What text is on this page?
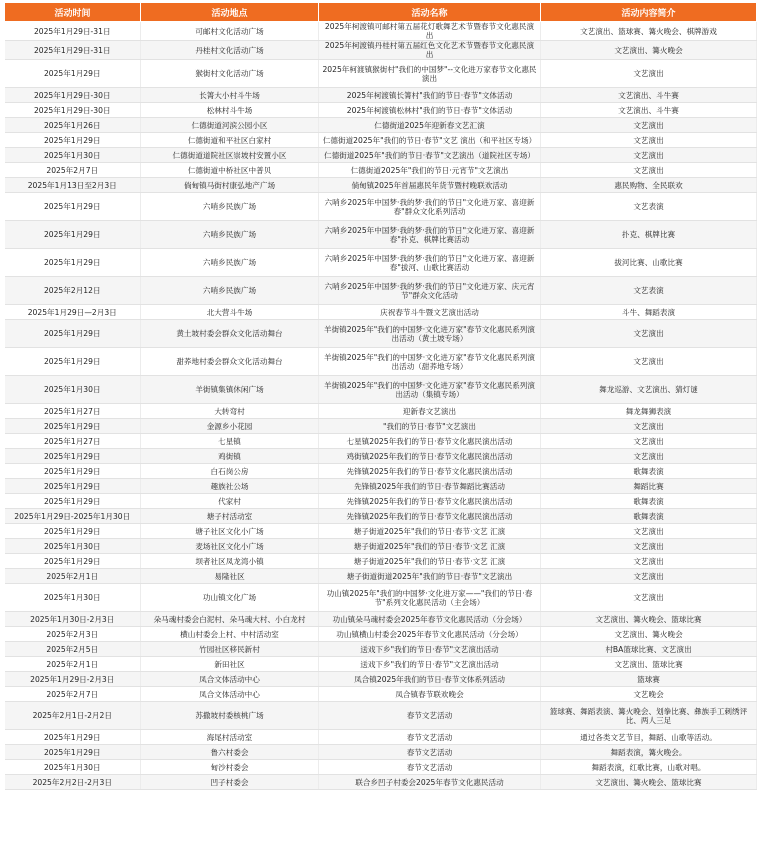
活动时间	活动地点	活动名称	活动内容简介
2025年1月29日-31日	可邮村文化活动广场	2025年柯渡镇可邮村第五届花灯歌舞艺术节暨春节文化惠民演出	文艺演出、篮球赛、篝火晚会、棋牌游戏
2025年1月29日-31日	丹桂村文化活动广场	2025年柯渡镇丹桂村第五届红色文化艺术节暨春节文化惠民演出	文艺演出、篝火晚会
2025年1月29日	猴街村文化活动广场	2025年柯渡镇猴街村"我们的中国梦"--文化进万家春节文化惠民演出	文艺演出
2025年1月29日-30日	长箐大小村斗牛场	2025年柯渡镇长箐村"我们的节日·春节"文体活动	文艺演出、斗牛赛
2025年1月29日-30日	松林村斗牛场	2025年柯渡镇松林村"我们的节日·春节"文体活动	文艺演出、斗牛赛
2025年1月26日	仁德街道河滨公园小区	仁德街道2025年迎新春文艺汇演	文艺演出
2025年1月29日	仁德街道和平社区白家村	仁德街道2025年"我们的节日·春节"文艺 演出（和平社区专场）	文艺演出
2025年1月30日	仁德街道道院社区崇坡村安置小区	仁德街道2025年"我们的节日·春节"文艺演出（道院社区专场）	文艺演出
2025年2月7日	仁德街道中桥社区中普贝	仁德街道2025年"我们的节日·元宵节"文艺演出	文艺演出
2025年1月13日至2月3日	倘甸镇马街村康弘地产广场	倘甸镇2025年首届惠民年货节暨村晚联欢活动	惠民购物、全民联欢
2025年1月29日	六哨乡民族广场	六哨乡2025年中国梦·我的梦·我们的节日"文化进万家、喜迎新春"群众文化系列活动	文艺表演
2025年1月29日	六哨乡民族广场	六哨乡2025年中国梦·我的梦·我们的节日"文化进万家、喜迎新春"扑克、棋牌比赛活动	扑克、棋牌比赛
2025年1月29日	六哨乡民族广场	六哨乡2025年中国梦·我的梦·我们的节日"文化进万家、喜迎新春"拔河、山歌比赛活动	拔河比赛、山歌比赛
2025年2月12日	六哨乡民族广场	六哨乡2025年中国梦·我的梦·我们的节日"文化进万家、庆元宵节"群众文化活动	文艺表演
2025年1月29日—2月3日	北大营斗牛场	庆祝春节斗牛暨文艺演出活动	斗牛、舞蹈表演
2025年1月29日	黄土坡村委会群众文化活动舞台	羊街镇2025年"我们的中国梦·文化进万家"春节文化惠民系列演出活动（黄土坡专场）	文艺演出
2025年1月29日	甜荞地村委会群众文化活动舞台	羊街镇2025年"我们的中国梦·文化进万家"春节文化惠民系列演出活动（甜荞地专场）	文艺演出
2025年1月30日	羊街镇集镇休闲广场	羊街镇2025年"我们的中国梦·文化进万家"春节文化惠民系列演出活动（集镇专场）	舞龙巡游、文艺演出、猜灯谜
2025年1月27日	大转弯村	迎新春文艺演出	舞龙舞狮表演
2025年1月29日	金源乡小花园	"我们的节日·春节"文艺演出	文艺演出
2025年1月27日	七星镇	七星镇2025年我们的节日·春节文化惠民演出活动	文艺演出
2025年1月29日	鸡街镇	鸡街镇2025年我们的节日·春节文化惠民演出活动	文艺演出
2025年1月29日	白石岗公房	先锋镇2025年我们的节日·春节文化惠民演出活动	歌舞表演
2025年1月29日	趣族社公场	先锋镇2025年我们的节日·春节舞蹈比赛活动	舞蹈比赛
2025年1月29日	代家村	先锋镇2025年我们的节日·春节文化惠民演出活动	歌舞表演
2025年1月29日-2025年1月30日	塘子村活动室	先锋镇2025年我们的节日·春节文化惠民演出活动	歌舞表演
2025年1月29日	塘子社区文化小广场	塘子街道2025年"我们的节日·春节·文艺 汇演	文艺演出
2025年1月30日	麦场社区文化小广场	塘子街道2025年"我们的节日·春节·文艺 汇演	文艺演出
2025年1月29日	坝者社区凤龙湾小镇	塘子街道2025年"我们的节日·春节·文艺 汇演	文艺演出
2025年2月1日	易隆社区	塘子街道街道2025年"我们的节日·春节"文艺演出	文艺演出
2025年1月30日	功山镇文化广场	功山镇2025年"我们的中国梦·文化进万家——"我们的节日·春节"系列文化惠民活动（主会场）	文艺演出
2025年1月30日-2月3日	朵马魂村委会白泥村、朵马魂大村、小白龙村	功山镇朵马魂村委会2025年春节文化惠民活动（分会场）	文艺演出、篝火晚会、篮球比赛
2025年2月3日	横山村委会上村、中村活动室	功山镇横山村委会2025年春节文化惠民活动（分会场）	文艺演出、篝火晚会
2025年2月5日	竹园社区移民新村	送戏下乡"我们的节日·春节"文艺演出活动	村BA篮球比赛、文艺演出
2025年2月1日	新田社区	送戏下乡"我们的节日·春节"文艺演出活动	文艺演出、篮球比赛
2025年1月29日-2月3日	凤合文体活动中心	凤合镇2025年我们的节日·春节文体系列活动	篮球赛
2025年2月7日	凤合文体活动中心	凤合镇春节联欢晚会	文艺晚会
2025年2月1日-2月2日	苏撒坡村委核桃广场	春节文艺活动	篮球赛、舞蹈表演、篝火晚会、划拳比赛、彝族手工刺绣评比、两人三足
2025年1月29日	海尾村活动室	春节文艺活动	通过各类文艺节目，舞蹈、山歌等活动。
2025年1月29日	鲁六村委会	春节文艺活动	舞蹈表演，篝火晚会。
2025年1月30日	甸沙村委会	春节文艺活动	舞蹈表演，红歌比赛，山歌对唱。
2025年2月2日-2月3日	凹子村委会	联合乡凹子村委会2025年春节文化惠民活动	文艺演出、篝火晚会、篮球比赛
